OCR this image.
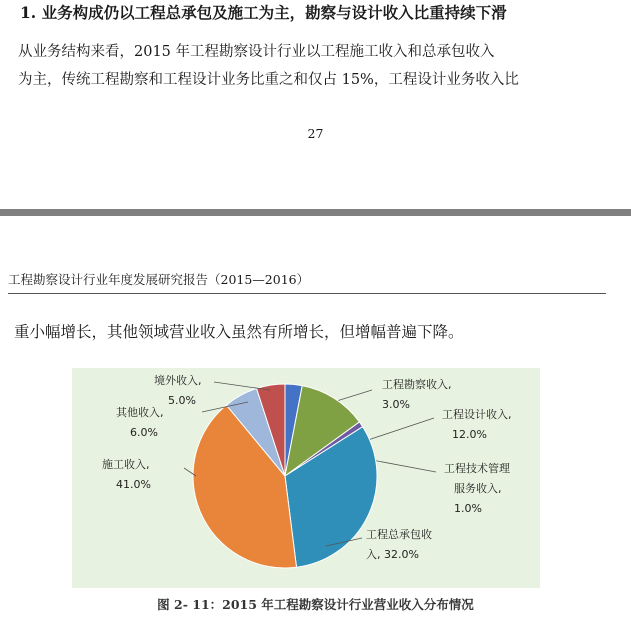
1. 业务构成仍以工程总承包及施工为主，勘察与设计收入比重持续下滑
从业务结构来看，2015 年工程勘察设计行业以工程施工收入和总承包收入
为主，传统工程勘察和工程设计业务比重之和仅占 15%，工程设计业务收入比
27
工程勘察设计行业年度发展研究报告（2015—2016）
重小幅增长，其他领域营业收入虽然有所增长，但增幅普遍下降。
工程勘察收入, 3.0%
工程设计收入, 12.0%
工程技术管理服务收入, 1.0%
工程总承包收入, 32.0%
施工收入, 41.0%
其他收入, 6.0%
境外收入, 5.0%
图 2- 11：2015 年工程勘察设计行业营业收入分布情况
